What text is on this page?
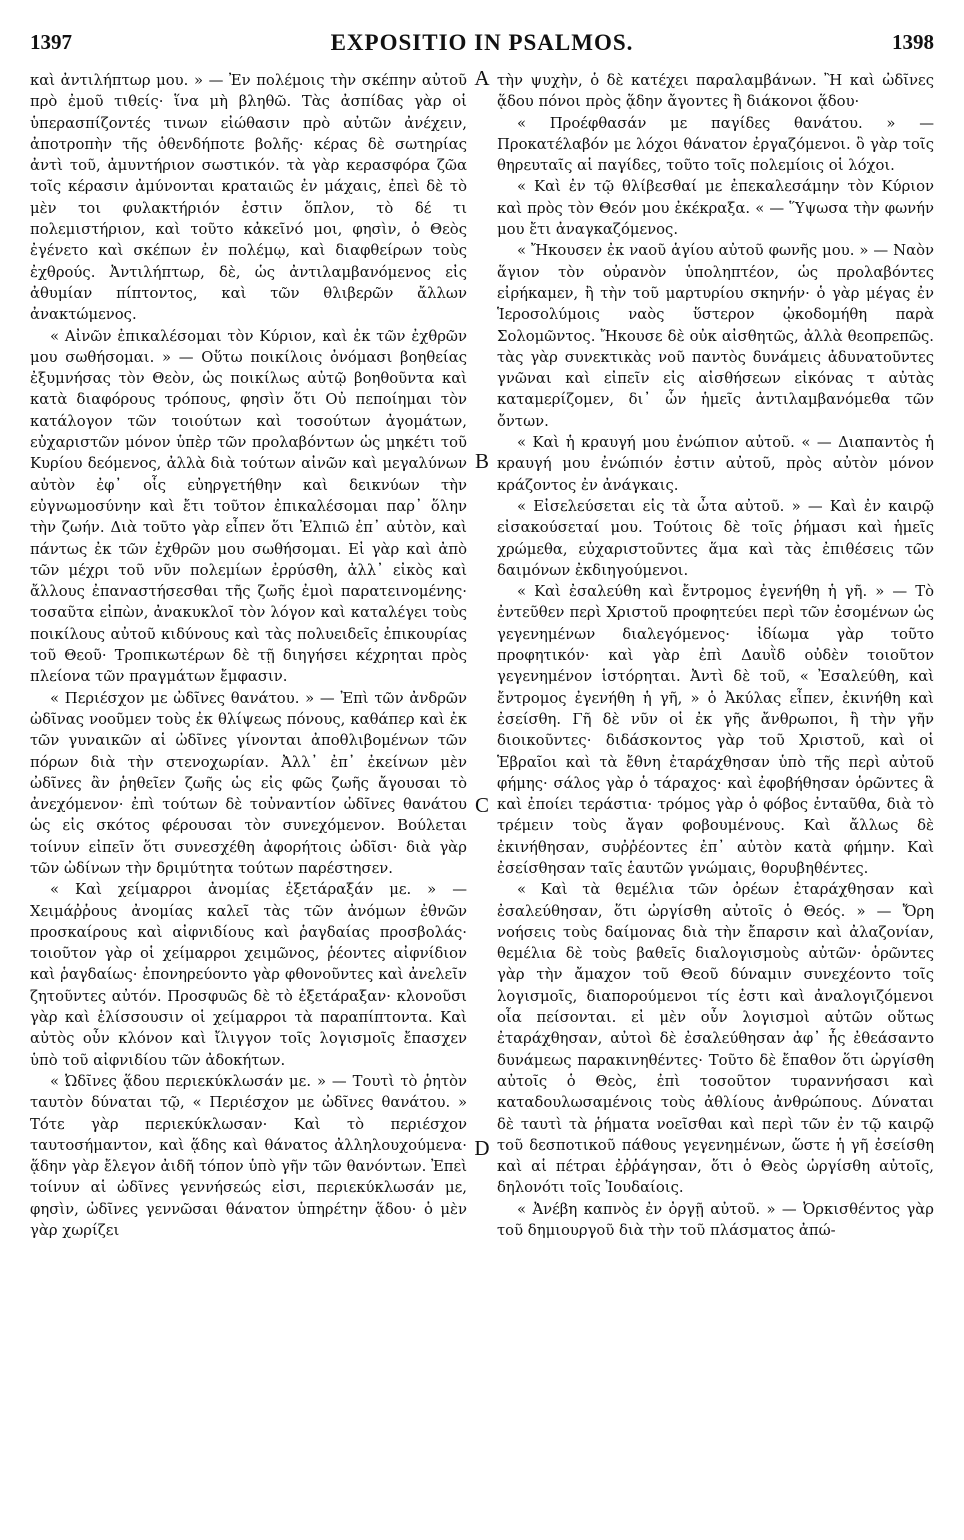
1397	EXPOSITIO IN PSALMOS.	1398

καὶ ἀντιλήπτωρ μου. » — Ἐν πολέμοις τὴν σκέπην αὐτοῦ πρὸ ἐμοῦ τιθείς· ἵνα μὴ βληθῶ. Τὰς ἀσπίδας γὰρ οἱ ὑπερασπίζοντές τινων εἰώθασιν πρὸ αὐτῶν ἀνέχειν, ἀποτροπὴν τῆς ὁθενδήποτε βολῆς· κέρας δὲ σωτηρίας ἀντὶ τοῦ, ἀμυντήριον σωστικόν. τὰ γὰρ κερασφόρα ζῶα τοῖς κέρασιν ἀμύνονται κραταιῶς ἐν μάχαις, ἐπεὶ δὲ τὸ μὲν τοι φυλακτήριόν ἐστιν ὅπλον, τὸ δέ τι πολεμιστήριον, καὶ τοῦτο κἀκεῖνό μοι, φησὶν, ὁ Θεὸς ἐγένετο καὶ σκέπων ἐν πολέμῳ, καὶ διαφθείρων τοὺς ἐχθρούς. Ἀντιλήπτωρ, δὲ, ὡς ἀντιλαμβανόμενος εἰς ἀθυμίαν πίπτοντος, καὶ τῶν θλιβερῶν ἄλλων ἀνακτώμενος.

« Αἰνῶν ἐπικαλέσομαι τὸν Κύριον, καὶ ἐκ τῶν ἐχθρῶν μου σωθήσομαι. » — Οὕτω ποικίλοις ὀνόμασι βοηθείας ἐξυμνήσας τὸν Θεὸν, ὡς ποικίλως αὐτῷ βοηθοῦντα καὶ κατὰ διαφόρους τρόπους, φησὶν ὅτι Οὐ πεποίημαι τὸν κατάλογον τῶν τοιούτων καὶ τοσούτων ἀγομάτων, εὐχαριστῶν μόνον ὑπὲρ τῶν προλαβόντων ὡς μηκέτι τοῦ Κυρίου δεόμενος, ἀλλὰ διὰ τούτων αἰνῶν καὶ μεγαλύνων αὐτὸν ἐφ᾽ οἷς εὐηργετήθην καὶ δεικνύων τὴν εὐγνωμοσύνην καὶ ἔτι τοῦτον ἐπικαλέσομαι παρ᾽ ὅλην τὴν ζωήν. Διὰ τοῦτο γὰρ εἶπεν ὅτι Ἐλπιῶ ἐπ᾽ αὐτὸν, καὶ πάντως ἐκ τῶν ἐχθρῶν μου σωθήσομαι. Εἰ γὰρ καὶ ἀπὸ τῶν μέχρι τοῦ νῦν πολεμίων ἐρρύσθη, ἀλλ᾽ εἰκὸς καὶ ἄλλους ἐπαναστήσεσθαι τῆς ζωῆς ἐμοὶ παρατεινομένης· τοσαῦτα εἰπὼν, ἀνακυκλοῖ τὸν λόγον καὶ καταλέγει τοὺς ποικίλους αὐτοῦ κιδύνους καὶ τὰς πολυειδεῖς ἐπικουρίας τοῦ Θεοῦ· Τροπικωτέρων δὲ τῇ διηγήσει κέχρηται πρὸς πλείονα τῶν πραγμάτων ἔμφασιν.

« Περιέσχον με ὠδῖνες θανάτου. » — Ἐπὶ τῶν ἀνδρῶν ὠδῖνας νοοῦμεν τοὺς ἐκ θλίψεως πόνους, καθάπερ καὶ ἐκ τῶν γυναικῶν αἱ ὠδῖνες γίνονται ἀποθλιβομένων τῶν πόρων διὰ τὴν στενοχωρίαν. Ἀλλ᾽ ἐπ᾽ ἐκείνων μὲν ὠδῖνες ἂν ῥηθεῖεν ζωῆς ὡς εἰς φῶς ζωῆς ἄγουσαι τὸ ἀνεχόμενον· ἐπὶ τούτων δὲ τοὐναντίον ὠδῖνες θανάτου ὡς εἰς σκότος φέρουσαι τὸν συνεχόμενον. Βούλεται τοίνυν εἰπεῖν ὅτι συνεσχέθη ἀφορήτοις ὠδῖσι· διὰ γὰρ τῶν ὠδίνων τὴν δριμύτητα τούτων παρέστησεν.

« Καὶ χείμαρροι ἀνομίας ἐξετάραξάν με. » — Χειμάῤῥους ἀνομίας καλεῖ τὰς τῶν ἀνόμων ἐθνῶν προσκαίρους καὶ αἰφνιδίους καὶ ῥαγδαίας προσβολάς· τοιοῦτον γὰρ οἱ χείμαρροι χειμῶνος, ῥέοντες αἰφνίδιον καὶ ῥαγδαίως· ἐπονηρεύοντο γὰρ φθονοῦντες καὶ ἀνελεῖν ζητοῦντες αὐτόν. Προσφυῶς δὲ τὸ ἐξετάραξαν· κλονοῦσι γὰρ καὶ ἑλίσσουσιν οἱ χείμαρροι τὰ παραπίπτοντα. Καὶ αὐτὸς οὖν κλόνον καὶ ἴλιγγον τοῖς λογισμοῖς ἔπασχεν ὑπὸ τοῦ αἰφνιδίου τῶν ἀδοκήτων.

« Ὠδῖνες ᾅδου περιεκύκλωσάν με. » — Τουτὶ τὸ ῥητὸν ταυτὸν δύναται τῷ, « Περιέσχον με ὠδῖνες θανάτου. » Τότε γὰρ περιεκύκλωσαν· Καὶ τὸ περιέσχον ταυτοσήμαντον, καὶ ᾅδης καὶ θάνατος ἀλληλουχούμενα· ᾅδην γὰρ ἔλεγον ἀιδῆ τόπον ὑπὸ γῆν τῶν θανόντων. Ἐπεὶ τοίνυν αἱ ὠδῖνες γεννήσεώς εἰσι, περιεκύκλωσάν με, φησὶν, ὠδῖνες γεννῶσαι θάνατον ὑπηρέτην ᾅδου· ὁ μὲν γὰρ χωρίζει

A
B
C
D

τὴν ψυχὴν, ὁ δὲ κατέχει παραλαμβάνων. Ἢ καὶ ὠδῖνες ᾅδου πόνοι πρὸς ᾅδην ἄγοντες ἢ διάκονοι ᾅδου·

« Προέφθασάν με παγίδες θανάτου. » — Προκατέλαβόν με λόχοι θάνατον ἐργαζόμενοι. ὃ γὰρ τοῖς θηρευταῖς αἱ παγίδες, τοῦτο τοῖς πολεμίοις οἱ λόχοι.

« Καὶ ἐν τῷ θλίβεσθαί με ἐπεκαλεσάμην τὸν Κύριον καὶ πρὸς τὸν Θεόν μου ἐκέκραξα. « — Ὕψωσα τὴν φωνήν μου ἔτι ἀναγκαζόμενος.

« Ἤκουσεν ἐκ ναοῦ ἁγίου αὐτοῦ φωνῆς μου. » — Ναὸν ἅγιον τὸν οὐρανὸν ὑποληπτέον, ὡς προλαβόντες εἰρήκαμεν, ἢ τὴν τοῦ μαρτυρίου σκηνήν· ὁ γὰρ μέγας ἐν Ἱεροσολύμοις ναὸς ὕστερον ᾠκοδομήθη παρὰ Σολομῶντος. Ἤκουσε δὲ οὐκ αἰσθητῶς, ἀλλὰ θεοπρεπῶς. τὰς γὰρ συνεκτικὰς νοῦ παντὸς δυνάμεις ἀδυνατοῦντες γνῶναι καὶ εἰπεῖν εἰς αἰσθήσεων εἰκόνας τ αὐτὰς καταμερίζομεν, δι᾽ ὧν ἡμεῖς ἀντιλαμβανόμεθα τῶν ὄντων.

« Καὶ ἡ κραυγή μου ἐνώπιον αὐτοῦ. « — Διαπαντὸς ἡ κραυγή μου ἐνώπιόν ἐστιν αὐτοῦ, πρὸς αὐτὸν μόνον κράζοντος ἐν ἀνάγκαις.

« Εἰσελεύσεται εἰς τὰ ὦτα αὐτοῦ. » — Καὶ ἐν καιρῷ εἰσακούσεταί μου. Τούτοις δὲ τοῖς ῥήμασι καὶ ἡμεῖς χρώμεθα, εὐχαριστοῦντες ἅμα καὶ τὰς ἐπιθέσεις τῶν δαιμόνων ἐκδιηγούμενοι.

« Καὶ ἐσαλεύθη καὶ ἔντρομος ἐγενήθη ἡ γῆ. » — Τὸ ἐντεῦθεν περὶ Χριστοῦ προφητεύει περὶ τῶν ἐσομένων ὡς γεγενημένων διαλεγόμενος· ἰδίωμα γὰρ τοῦτο προφητικόν· καὶ γὰρ ἐπὶ Δαυῒδ οὐδὲν τοιοῦτον γεγενημένον ἱστόρηται. Ἀντὶ δὲ τοῦ, « Ἐσαλεύθη, καὶ ἔντρομος ἐγενήθη ἡ γῆ, » ὁ Ἀκύλας εἶπεν, ἐκινήθη καὶ ἐσείσθη. Γῆ δὲ νῦν οἱ ἐκ γῆς ἄνθρωποι, ἢ τὴν γῆν διοικοῦντες· διδάσκοντος γὰρ τοῦ Χριστοῦ, καὶ οἱ Ἑβραῖοι καὶ τὰ ἔθνη ἐταράχθησαν ὑπὸ τῆς περὶ αὐτοῦ φήμης· σάλος γὰρ ὁ τάραχος· καὶ ἐφοβήθησαν ὁρῶντες ἃ καὶ ἐποίει τεράστια· τρόμος γὰρ ὁ φόβος ἐνταῦθα, διὰ τὸ τρέμειν τοὺς ἄγαν φοβουμένους. Καὶ ἄλλως δὲ ἐκινήθησαν, συῤῥέοντες ἐπ᾽ αὐτὸν κατὰ φήμην. Καὶ ἐσείσθησαν ταῖς ἑαυτῶν γνώμαις, θορυβηθέντες.

« Καὶ τὰ θεμέλια τῶν ὀρέων ἐταράχθησαν καὶ ἐσαλεύθησαν, ὅτι ὠργίσθη αὐτοῖς ὁ Θεός. » — Ὄρη νοήσεις τοὺς δαίμονας διὰ τὴν ἔπαρσιν καὶ ἀλαζονίαν, θεμέλια δὲ τοὺς βαθεῖς διαλογισμοὺς αὐτῶν· ὁρῶντες γὰρ τὴν ἄμαχον τοῦ Θεοῦ δύναμιν συνεχέοντο τοῖς λογισμοῖς, διαπορούμενοι τίς ἐστι καὶ ἀναλογιζόμενοι οἷα πείσονται. εἰ μὲν οὖν λογισμοὶ αὐτῶν οὕτως ἐταράχθησαν, αὐτοὶ δὲ ἐσαλεύθησαν ἀφ᾽ ἧς ἐθεάσαντο δυνάμεως παρακινηθέντες· Τοῦτο δὲ ἔπαθον ὅτι ὠργίσθη αὐτοῖς ὁ Θεὸς, ἐπὶ τοσοῦτον τυραννήσασι καὶ καταδουλωσαμένοις τοὺς ἀθλίους ἀνθρώπους. Δύναται δὲ ταυτὶ τὰ ῥήματα νοεῖσθαι καὶ περὶ τῶν ἐν τῷ καιρῷ τοῦ δεσποτικοῦ πάθους γεγενημένων, ὥστε ἡ γῆ ἐσείσθη καὶ αἱ πέτραι ἐῤῥάγησαν, ὅτι ὁ Θεὸς ὠργίσθη αὐτοῖς, δηλονότι τοῖς Ἰουδαίοις.

« Ἀνέβη καπνὸς ἐν ὀργῇ αὐτοῦ. » — Ὀρκισθέντος γὰρ τοῦ δημιουργοῦ διὰ τὴν τοῦ πλάσματος ἀπώ-
